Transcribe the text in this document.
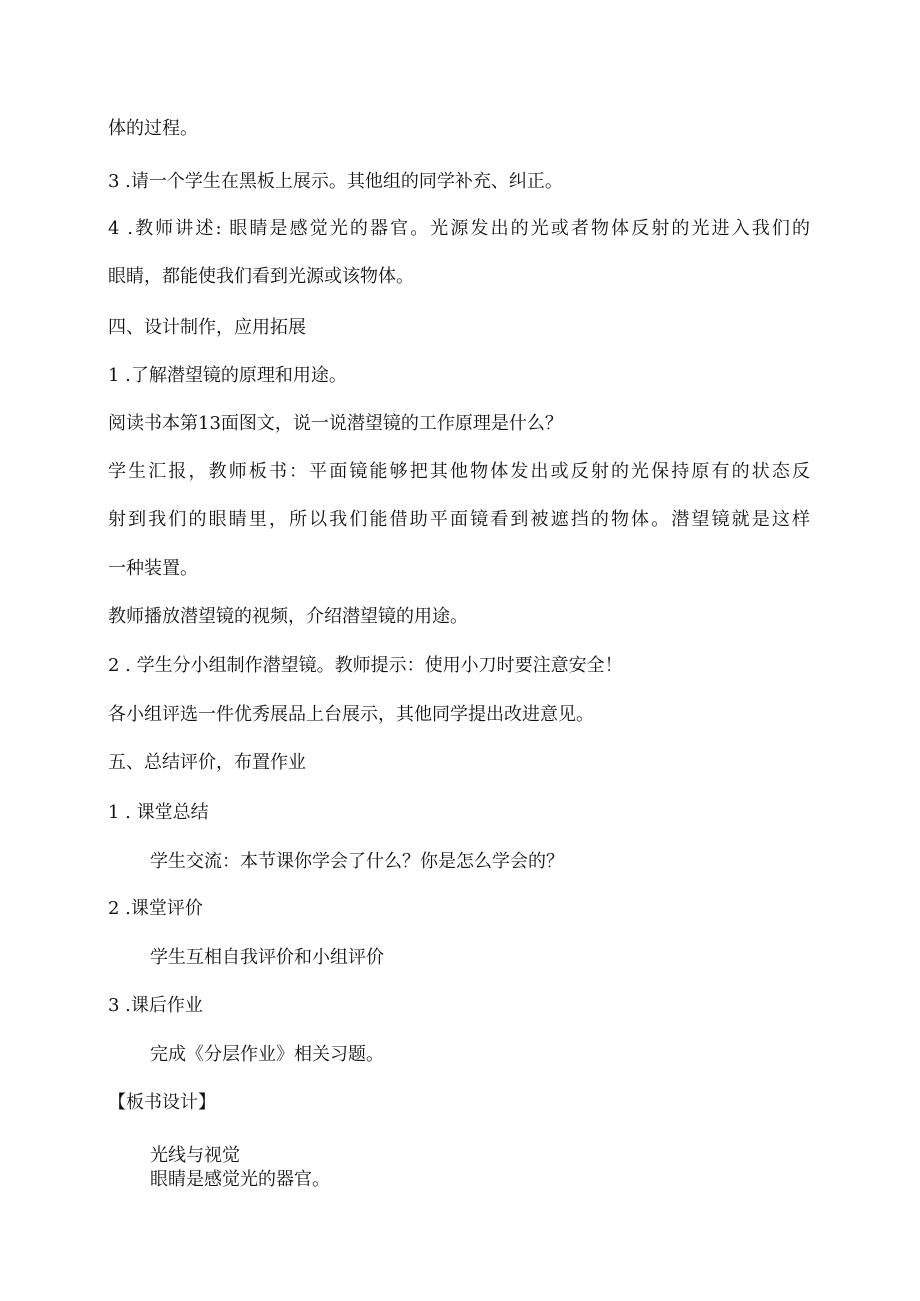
体的过程。
3 .请一个学生在黑板上展示。其他组的同学补充、纠正。
4 .教师讲述: 眼睛是感觉光的器官。光源发出的光或者物体反射的光进入我们的
眼睛，都能使我们看到光源或该物体。
四、设计制作，应用拓展
1 .了解潜望镜的原理和用途。
阅读书本第13面图文，说一说潜望镜的工作原理是什么？
学生汇报，教师板书：平面镜能够把其他物体发出或反射的光保持原有的状态反
射到我们的眼睛里，所以我们能借助平面镜看到被遮挡的物体。潜望镜就是这样
一种装置。
教师播放潜望镜的视频，介绍潜望镜的用途。
2 . 学生分小组制作潜望镜。教师提示：使用小刀时要注意安全！
各小组评选一件优秀展品上台展示，其他同学提出改进意见。
五、总结评价，布置作业
1 . 课堂总结
学生交流：本节课你学会了什么？你是怎么学会的？
2 .课堂评价
学生互相自我评价和小组评价
3 .课后作业
完成《分层作业》相关习题。
【板书设计】
光线与视觉
眼睛是感觉光的器官。
